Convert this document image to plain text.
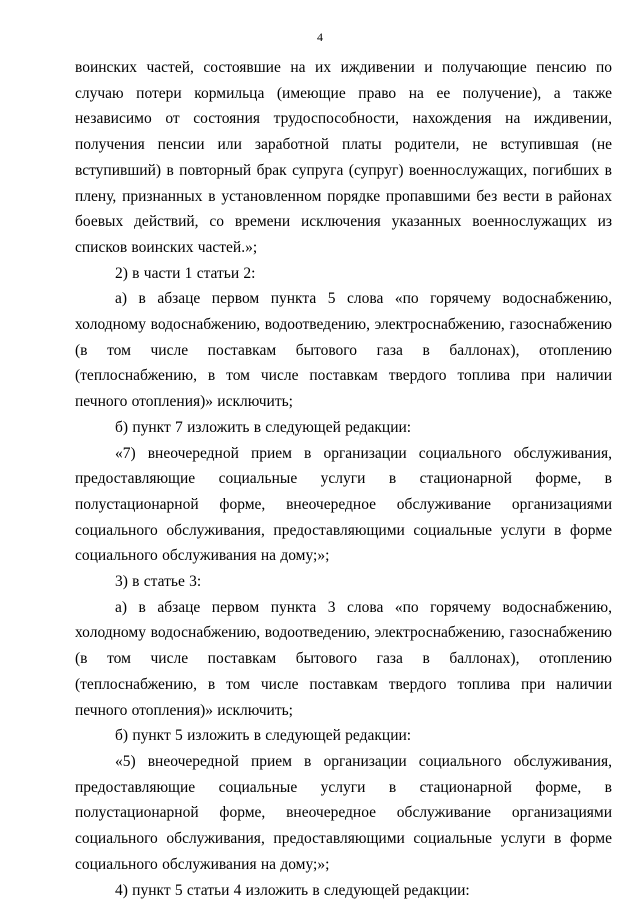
4

воинских частей, состоявшие на их иждивении и получающие пенсию по случаю потери кормильца (имеющие право на ее получение), а также независимо от состояния трудоспособности, нахождения на иждивении, получения пенсии или заработной платы родители, не вступившая (не вступивший) в повторный брак супруга (супруг) военнослужащих, погибших в плену, признанных в установленном порядке пропавшими без вести в районах боевых действий, со времени исключения указанных военнослужащих из списков воинских частей.»;

2) в части 1 статьи 2:

а) в абзаце первом пункта 5 слова «по горячему водоснабжению, холодному водоснабжению, водоотведению, электроснабжению, газоснабжению (в том числе поставкам бытового газа в баллонах), отоплению (теплоснабжению, в том числе поставкам твердого топлива при наличии печного отопления)» исключить;

б) пункт 7 изложить в следующей редакции:

«7) внеочередной прием в организации социального обслуживания, предоставляющие социальные услуги в стационарной форме, в полустационарной форме, внеочередное обслуживание организациями социального обслуживания, предоставляющими социальные услуги в форме социального обслуживания на дому;»;

3) в статье 3:

а) в абзаце первом пункта 3 слова «по горячему водоснабжению, холодному водоснабжению, водоотведению, электроснабжению, газоснабжению (в том числе поставкам бытового газа в баллонах), отоплению (теплоснабжению, в том числе поставкам твердого топлива при наличии печного отопления)» исключить;

б) пункт 5 изложить в следующей редакции:

«5) внеочередной прием в организации социального обслуживания, предоставляющие социальные услуги в стационарной форме, в полустационарной форме, внеочередное обслуживание организациями социального обслуживания, предоставляющими социальные услуги в форме социального обслуживания на дому;»;

4) пункт 5 статьи 4 изложить в следующей редакции:
